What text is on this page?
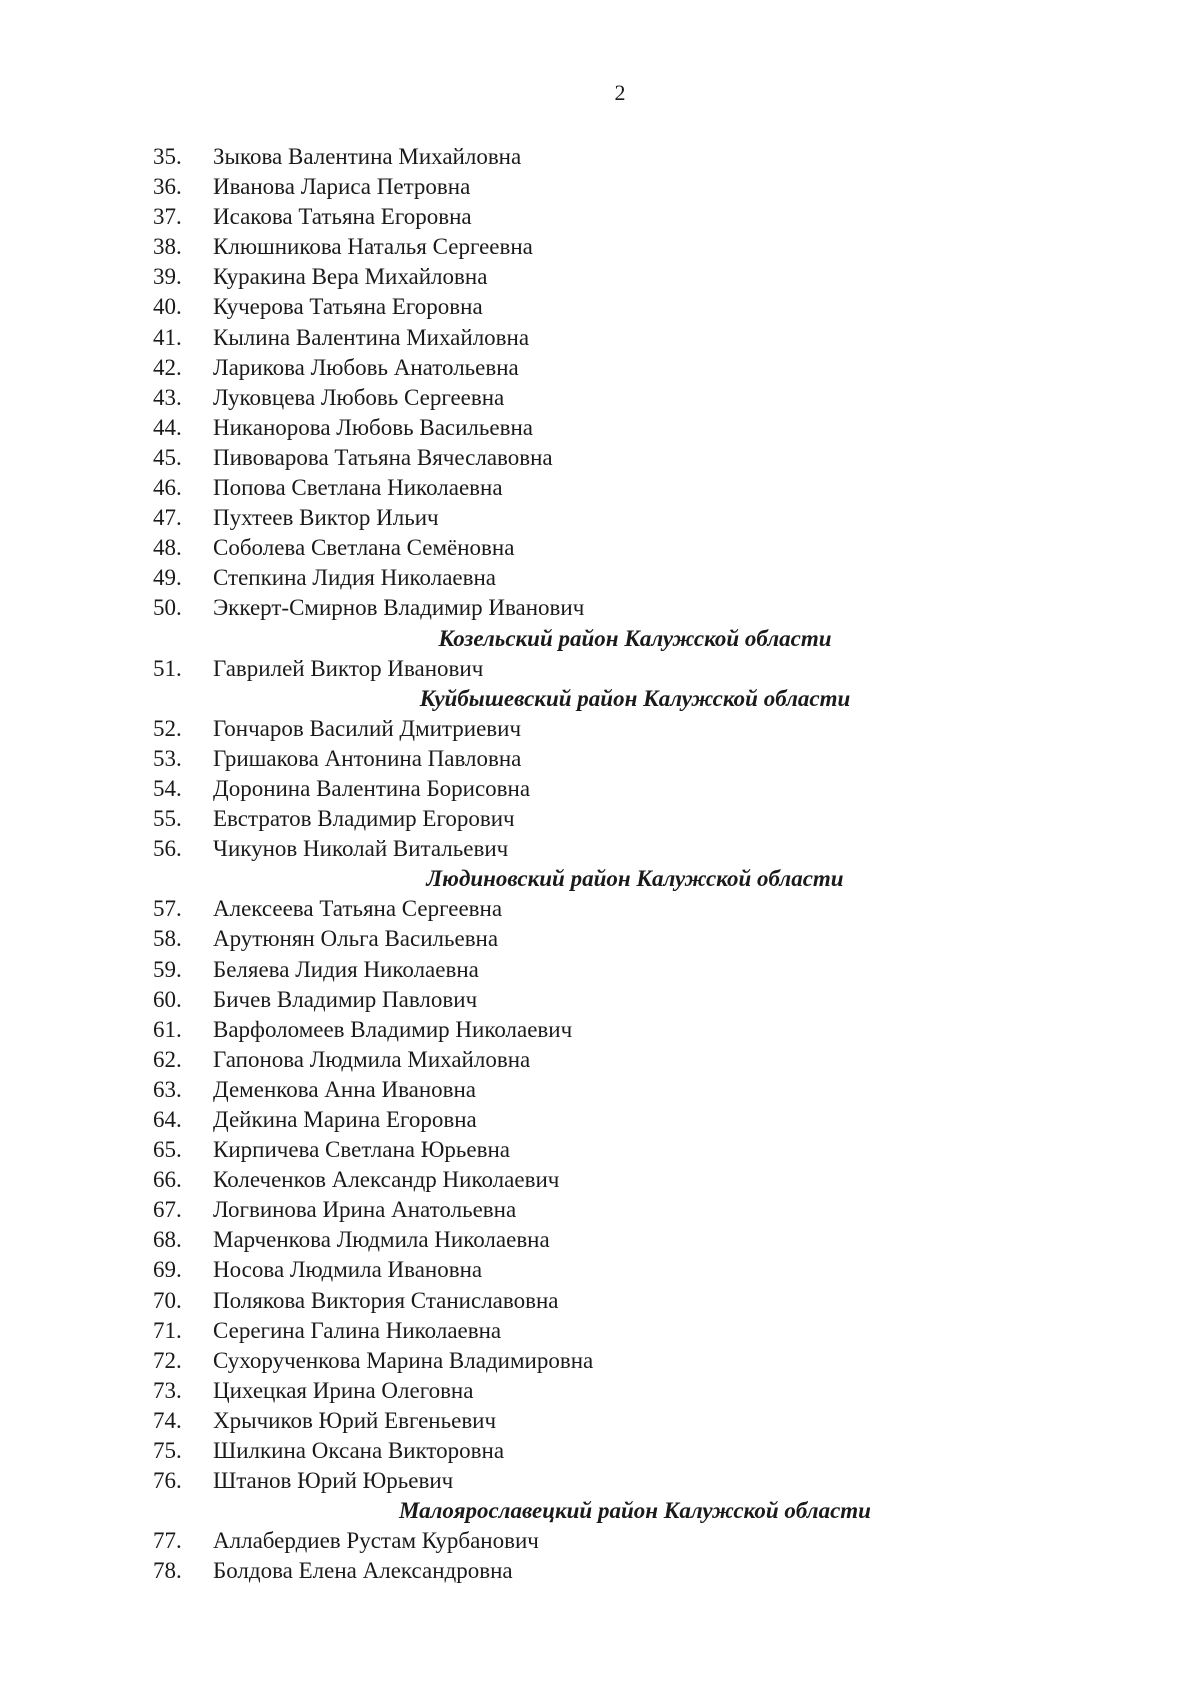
2
35.	Зыкова Валентина Михайловна
36.	Иванова Лариса Петровна
37.	Исакова Татьяна Егоровна
38.	Клюшникова Наталья Сергеевна
39.	Куракина Вера Михайловна
40.	Кучерова Татьяна Егоровна
41.	Кылина Валентина Михайловна
42.	Ларикова Любовь Анатольевна
43.	Луковцева Любовь Сергеевна
44.	Никанорова Любовь Васильевна
45.	Пивоварова Татьяна Вячеславовна
46.	Попова Светлана Николаевна
47.	Пухтеев Виктор Ильич
48.	Соболева Светлана Семёновна
49.	Степкина Лидия Николаевна
50.	Эккерт-Смирнов Владимир Иванович
Козельский район Калужской области
51.	Гаврилей Виктор Иванович
Куйбышевский район Калужской области
52.	Гончаров Василий Дмитриевич
53.	Гришакова Антонина Павловна
54.	Доронина Валентина Борисовна
55.	Евстратов Владимир Егорович
56.	Чикунов Николай Витальевич
Людиновский район Калужской области
57.	Алексеева Татьяна Сергеевна
58.	Арутюнян Ольга Васильевна
59.	Беляева Лидия Николаевна
60.	Бичев Владимир Павлович
61.	Варфоломеев Владимир Николаевич
62.	Гапонова Людмила Михайловна
63.	Деменкова Анна Ивановна
64.	Дейкина Марина Егоровна
65.	Кирпичева Светлана Юрьевна
66.	Колеченков Александр Николаевич
67.	Логвинова Ирина Анатольевна
68.	Марченкова Людмила Николаевна
69.	Носова Людмила Ивановна
70.	Полякова Виктория Станиславовна
71.	Серегина Галина Николаевна
72.	Сухорученкова Марина Владимировна
73.	Цихецкая Ирина Олеговна
74.	Хрычиков Юрий Евгеньевич
75.	Шилкина Оксана Викторовна
76.	Штанов Юрий Юрьевич
Малоярославецкий район Калужской области
77.	Аллабердиев Рустам Курбанович
78.	Болдова Елена Александровна
